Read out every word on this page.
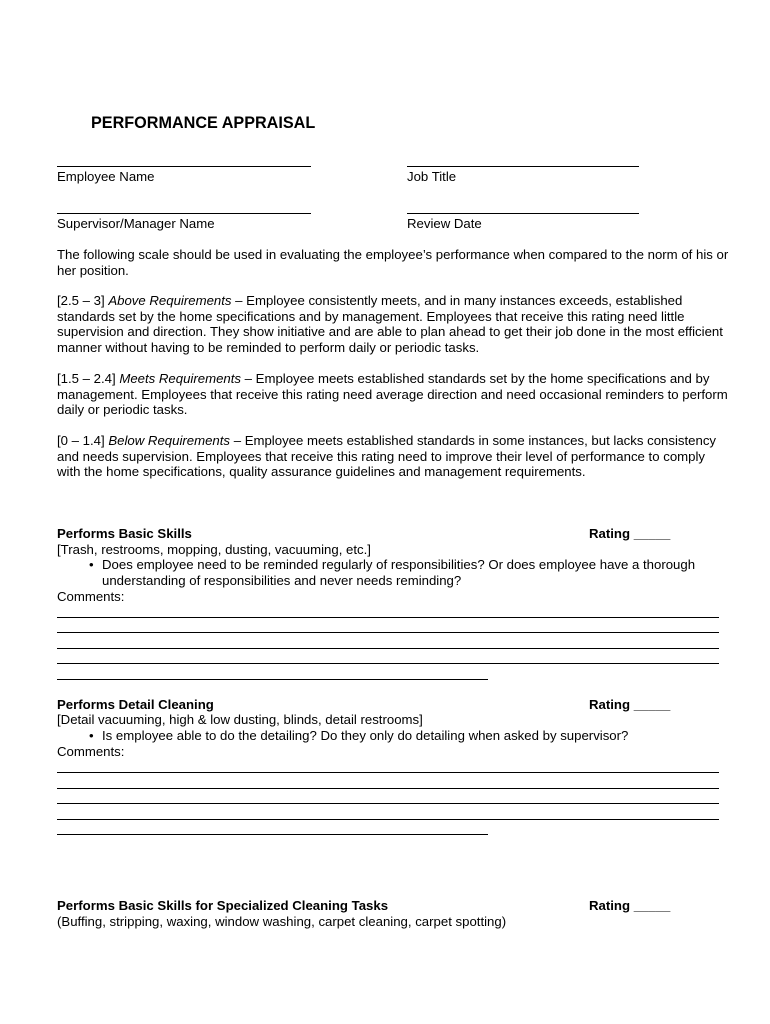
PERFORMANCE APPRAISAL
Employee Name	Job Title
Supervisor/Manager Name	Review Date
The following scale should be used in evaluating the employee’s performance when compared to the norm of his or her position.
[2.5 – 3] Above Requirements – Employee consistently meets, and in many instances exceeds, established standards set by the home specifications and by management. Employees that receive this rating need little supervision and direction. They show initiative and are able to plan ahead to get their job done in the most efficient manner without having to be reminded to perform daily or periodic tasks.
[1.5 – 2.4] Meets Requirements – Employee meets established standards set by the home specifications and by management. Employees that receive this rating need average direction and need occasional reminders to perform daily or periodic tasks.
[0 – 1.4] Below Requirements – Employee meets established standards in some instances, but lacks consistency and needs supervision. Employees that receive this rating need to improve their level of performance to comply with the home specifications, quality assurance guidelines and management requirements.
Performs Basic Skills	Rating _____
[Trash, restrooms, mopping, dusting, vacuuming, etc.]
• Does employee need to be reminded regularly of responsibilities? Or does employee have a thorough understanding of responsibilities and never needs reminding?
Comments:
Performs Detail Cleaning	Rating _____
[Detail vacuuming, high & low dusting, blinds, detail restrooms]
• Is employee able to do the detailing? Do they only do detailing when asked by supervisor?
Comments:
Performs Basic Skills for Specialized Cleaning Tasks	Rating _____
(Buffing, stripping, waxing, window washing, carpet cleaning, carpet spotting)
